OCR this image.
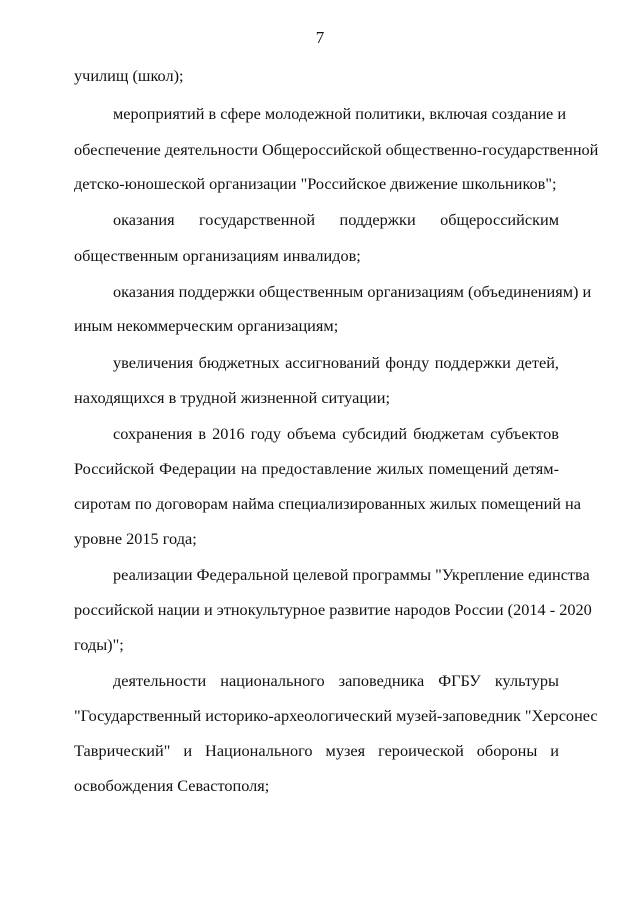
7
училищ (школ);
мероприятий в сфере молодежной политики, включая создание и
обеспечение деятельности Общероссийской общественно-государственной
детско-юношеской организации "Российское движение школьников";
оказания государственной поддержки общероссийским
общественным организациям инвалидов;
оказания поддержки общественным организациям (объединениям) и
иным некоммерческим организациям;
увеличения бюджетных ассигнований фонду поддержки детей,
находящихся в трудной жизненной ситуации;
сохранения в 2016 году объема субсидий бюджетам субъектов
Российской Федерации на предоставление жилых помещений детям-
сиротам по договорам найма специализированных жилых помещений на
уровне 2015 года;
реализации Федеральной целевой программы "Укрепление единства
российской нации и этнокультурное развитие народов России (2014 - 2020
годы)";
деятельности национального заповедника ФГБУ культуры
"Государственный историко-археологический музей-заповедник "Херсонес
Таврический" и Национального музея героической обороны и
освобождения Севастополя;
